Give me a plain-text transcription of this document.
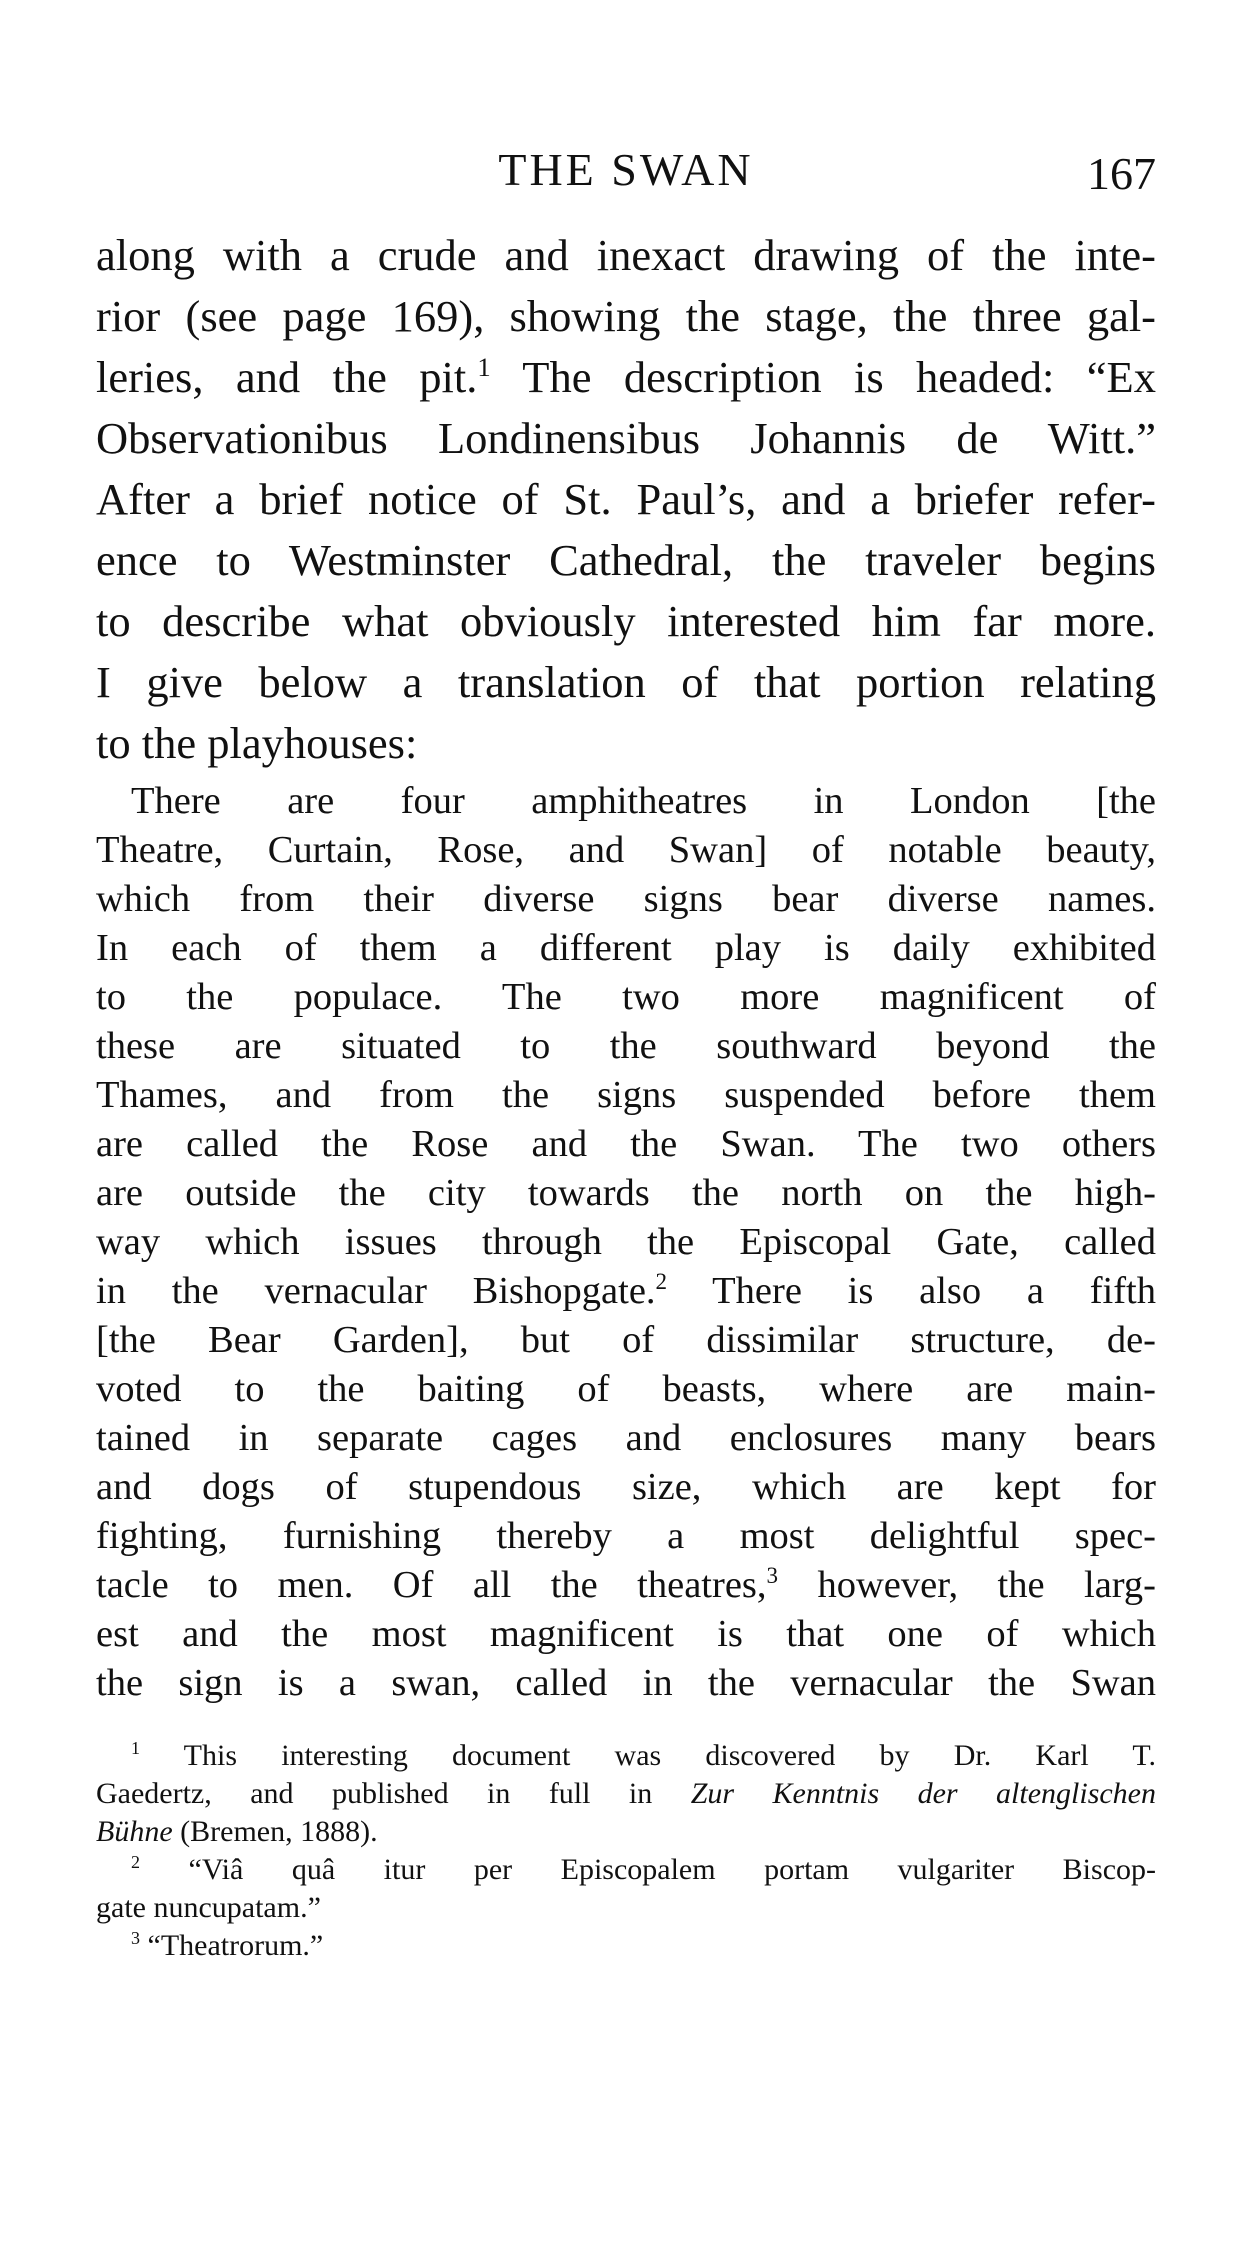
THE SWAN	167
along with a crude and inexact drawing of the inte-
rior (see page 169), showing the stage, the three gal-
leries, and the pit.$^1$ The description is headed: “Ex
Observationibus Londinensibus Johannis de Witt.”
After a brief notice of St. Paul’s, and a briefer refer-
ence to Westminster Cathedral, the traveler begins
to describe what obviously interested him far more.
I give below a translation of that portion relating
to the playhouses:
There are four amphitheatres in London [the
Theatre, Curtain, Rose, and Swan] of notable beauty,
which from their diverse signs bear diverse names.
In each of them a different play is daily exhibited
to the populace. The two more magnificent of
these are situated to the southward beyond the
Thames, and from the signs suspended before them
are called the Rose and the Swan. The two others
are outside the city towards the north on the high-
way which issues through the Episcopal Gate, called
in the vernacular Bishopgate.$^2$ There is also a fifth
[the Bear Garden], but of dissimilar structure, de-
voted to the baiting of beasts, where are main-
tained in separate cages and enclosures many bears
and dogs of stupendous size, which are kept for
fighting, furnishing thereby a most delightful spec-
tacle to men. Of all the theatres,$^3$ however, the larg-
est and the most magnificent is that one of which
the sign is a swan, called in the vernacular the Swan
$^1$ This interesting document was discovered by Dr. Karl T.
Gaedertz, and published in full in Zur Kenntnis der altenglischen
Bühne (Bremen, 1888).
$^2$ “Viâ quâ itur per Episcopalem portam vulgariter Biscop-
gate nuncupatam.”
$^3$ “Theatrorum.”
